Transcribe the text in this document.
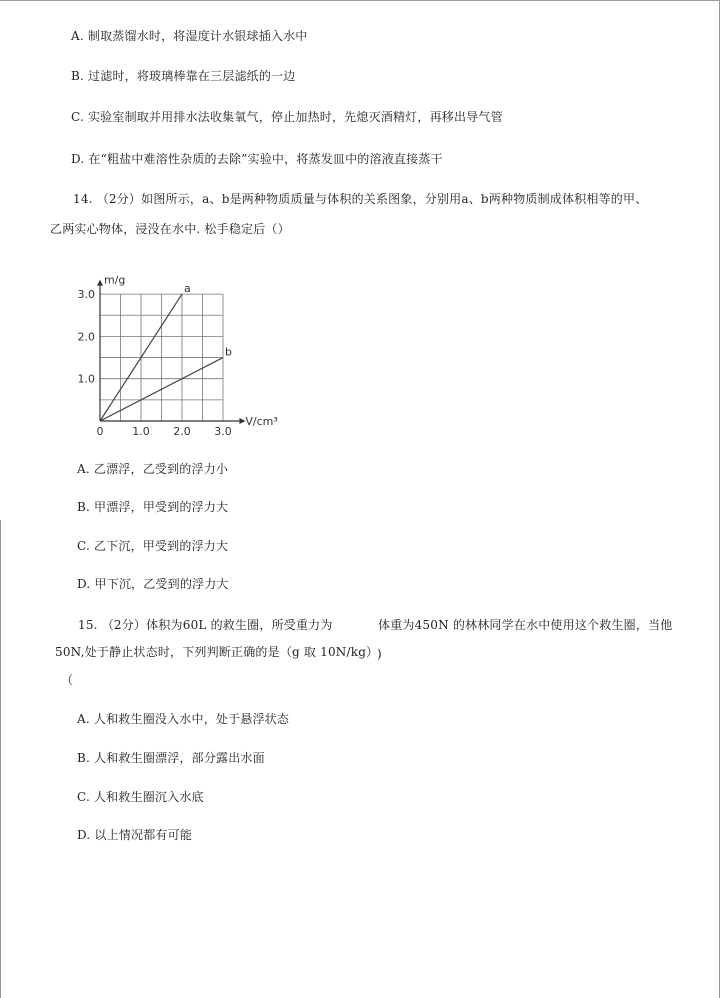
A. 制取蒸馏水时，将湿度计水银球插入水中
B. 过滤时，将玻璃棒靠在三层滤纸的一边
C. 实验室制取并用排水法收集氧气，停止加热时，先熄灭酒精灯，再移出导气管
D. 在“粗盐中难溶性杂质的去除”实验中，将蒸发皿中的溶液直接蒸干
14. （2分）如图所示，a、b是两种物质质量与体积的关系图象，分别用a、b两种物质制成体积相等的甲、
乙两实心物体，浸没在水中. 松手稳定后（）
a
b
0	1.0 2.0 3.0
1.0
2.0
3.0
V/cm³
m/g
A. 乙漂浮，乙受到的浮力小
B. 甲漂浮，甲受到的浮力大
C. 乙下沉，甲受到的浮力大
D. 甲下沉，乙受到的浮力大
15. （2分）体积为60L 的救生圈，所受重力为	体重为450N 的林林同学在水中使用这个救生圈，当他
50N,处于静止状态时，下列判断正确的是（g 取 10N/kg）
)
（
A. 人和救生圈没入水中，处于悬浮状态
B. 人和救生圈漂浮，部分露出水面
C. 人和救生圈沉入水底
D. 以上情况都有可能
